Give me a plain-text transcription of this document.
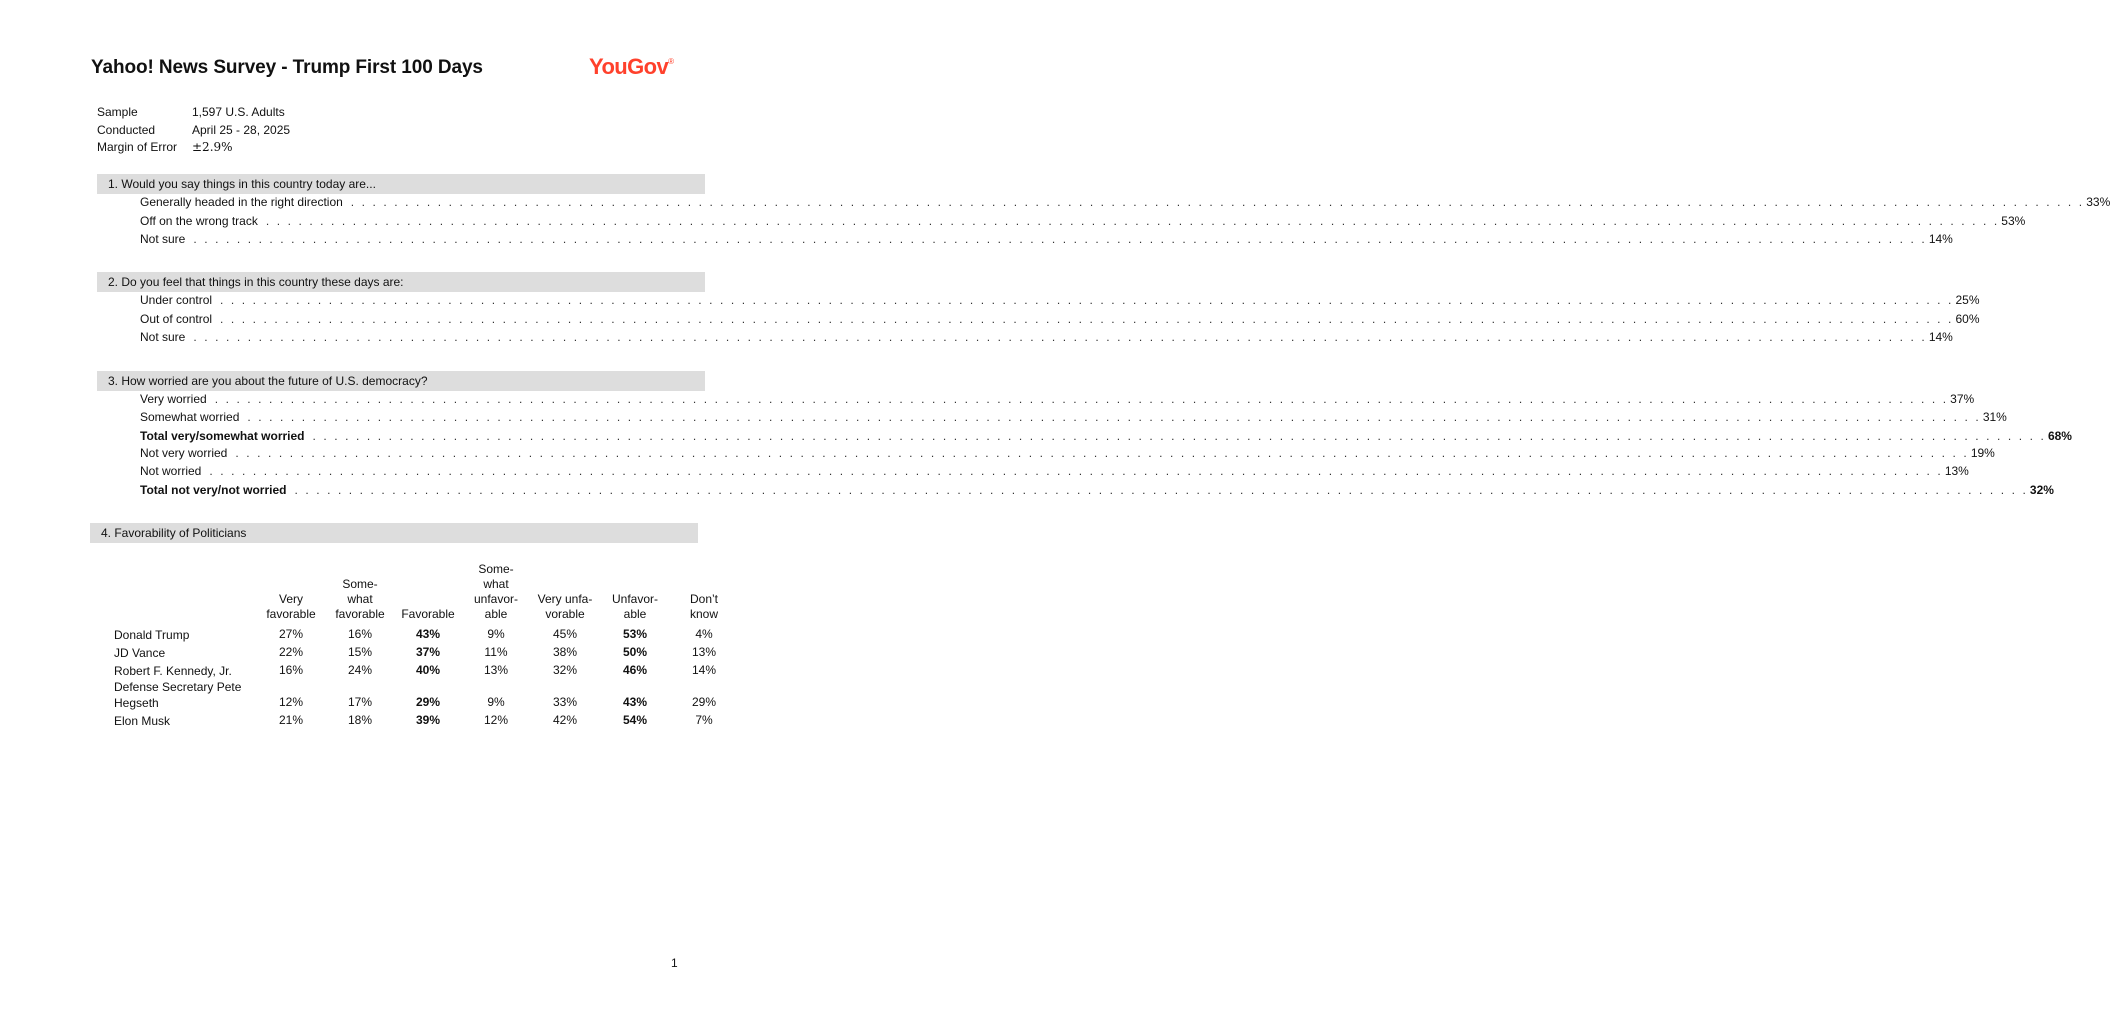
Yahoo! News Survey - Trump First 100 Days	YouGov®
Sample	1,597 U.S. Adults
Conducted	April 25 - 28, 2025
Margin of Error	±2.9%
1. Would you say things in this country today are...
Generally headed in the right direction . . . . . . . . . . . . . . . . . . . . . . . . . . . . . . . . . . . . . . . . . . . . . . . . . . . . . . . . . . . . . . . . . . . . . . . . . . . . . . . . . . . . . . . . . . . . . . . . . . . . . . . . . . . . . . . . . . . . . . . . . . . . . . . . . . . . . . . . . . . . . . . . . . . . . . . . . . . . . . . . 33%
Off on the wrong track . . . . . . . . . . . . . . . . . . . . . . . . . . . . . . . . . . . . . . . . . . . . . . . . . . . . . . . . . . . . . . . . . . . . . . . . . . . . . . . . . . . . . . . . . . . . . . . . . . . . . . . . . . . . . . . . . . . . . . . . . . . . . . . . . . . . . . . . . . . . . . . . . . . . . . . . . . . . . . . . 53%
Not sure . . . . . . . . . . . . . . . . . . . . . . . . . . . . . . . . . . . . . . . . . . . . . . . . . . . . . . . . . . . . . . . . . . . . . . . . . . . . . . . . . . . . . . . . . . . . . . . . . . . . . . . . . . . . . . . . . . . . . . . . . . . . . . . . . . . . . . . . . . . . . . . . . . . . . . . . . . . . . . . . 14%
2. Do you feel that things in this country these days are:
Under control . . . . . . . . . . . . . . . . . . . . . . . . . . . . . . . . . . . . . . . . . . . . . . . . . . . . . . . . . . . . . . . . . . . . . . . . . . . . . . . . . . . . . . . . . . . . . . . . . . . . . . . . . . . . . . . . . . . . . . . . . . . . . . . . . . . . . . . . . . . . . . . . . . . . . . . . . . . . . . . . 25%
Out of control . . . . . . . . . . . . . . . . . . . . . . . . . . . . . . . . . . . . . . . . . . . . . . . . . . . . . . . . . . . . . . . . . . . . . . . . . . . . . . . . . . . . . . . . . . . . . . . . . . . . . . . . . . . . . . . . . . . . . . . . . . . . . . . . . . . . . . . . . . . . . . . . . . . . . . . . . . . . . . . . 60%
Not sure . . . . . . . . . . . . . . . . . . . . . . . . . . . . . . . . . . . . . . . . . . . . . . . . . . . . . . . . . . . . . . . . . . . . . . . . . . . . . . . . . . . . . . . . . . . . . . . . . . . . . . . . . . . . . . . . . . . . . . . . . . . . . . . . . . . . . . . . . . . . . . . . . . . . . . . . . . . . . . . . 14%
3. How worried are you about the future of U.S. democracy?
Very worried . . . . . . . . . . . . . . . . . . . . . . . . . . . . . . . . . . . . . . . . . . . . . . . . . . . . . . . . . . . . . . . . . . . . . . . . . . . . . . . . . . . . . . . . . . . . . . . . . . . . . . . . . . . . . . . . . . . . . . . . . . . . . . . . . . . . . . . . . . . . . . . . . . . . . . . . . . . . . . . . 37%
Somewhat worried . . . . . . . . . . . . . . . . . . . . . . . . . . . . . . . . . . . . . . . . . . . . . . . . . . . . . . . . . . . . . . . . . . . . . . . . . . . . . . . . . . . . . . . . . . . . . . . . . . . . . . . . . . . . . . . . . . . . . . . . . . . . . . . . . . . . . . . . . . . . . . . . . . . . . . . . . . . . . . . . 31%
Total very/somewhat worried . . . . . . . . . . . . . . . . . . . . . . . . . . . . . . . . . . . . . . . . . . . . . . . . . . . . . . . . . . . . . . . . . . . . . . . . . . . . . . . . . . . . . . . . . . . . . . . . . . . . . . . . . . . . . . . . . . . . . . . . . . . . . . . . . . . . . . . . . . . . . . . . . . . . . . . . . . . . . . . . 68%
Not very worried . . . . . . . . . . . . . . . . . . . . . . . . . . . . . . . . . . . . . . . . . . . . . . . . . . . . . . . . . . . . . . . . . . . . . . . . . . . . . . . . . . . . . . . . . . . . . . . . . . . . . . . . . . . . . . . . . . . . . . . . . . . . . . . . . . . . . . . . . . . . . . . . . . . . . . . . . . . . . . . . 19%
Not worried . . . . . . . . . . . . . . . . . . . . . . . . . . . . . . . . . . . . . . . . . . . . . . . . . . . . . . . . . . . . . . . . . . . . . . . . . . . . . . . . . . . . . . . . . . . . . . . . . . . . . . . . . . . . . . . . . . . . . . . . . . . . . . . . . . . . . . . . . . . . . . . . . . . . . . . . . . . . . . . . 13%
Total not very/not worried . . . . . . . . . . . . . . . . . . . . . . . . . . . . . . . . . . . . . . . . . . . . . . . . . . . . . . . . . . . . . . . . . . . . . . . . . . . . . . . . . . . . . . . . . . . . . . . . . . . . . . . . . . . . . . . . . . . . . . . . . . . . . . . . . . . . . . . . . . . . . . . . . . . . . . . . . . . . . . . . 32%
4. Favorability of Politicians

	Very favorable	Some- what favorable	Favorable	Some- what unfavor- able	Very unfa- vorable	Unfavor- able	Don’t know

Donald Trump	27%	16%	43%	9%	45%	53%	4%
JD Vance	22%	15%	37%	11%	38%	50%	13%
Robert F. Kennedy, Jr.	16%	24%	40%	13%	32%	46%	14%

Defense Secretary Pete Hegseth	12%	17%	29%	9%	33%	43%	29%
Elon Musk	21%	18%	39%	12%	42%	54%	7%
1
